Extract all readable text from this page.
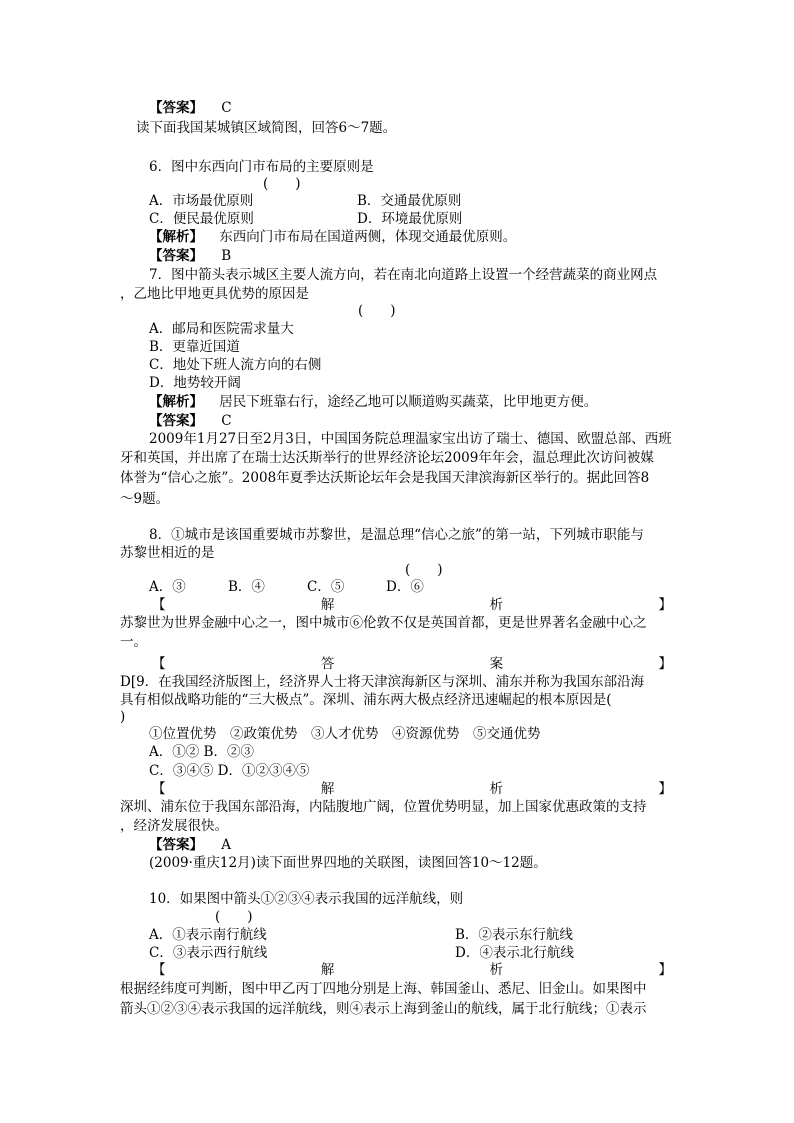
【答案】 C
读下面我国某城镇区域简图，回答6～7题。
6．图中东西向门市布局的主要原则是
(　　)
A．市场最优原则	B．交通最优原则
C．便民最优原则	D．环境最优原则
【解析】 东西向门市布局在国道两侧，体现交通最优原则。
【答案】 B
7．图中箭头表示城区主要人流方向，若在南北向道路上设置一个经营蔬菜的商业网点
，乙地比甲地更具优势的原因是
(　　)
A．邮局和医院需求量大
B．更靠近国道
C．地处下班人流方向的右侧
D．地势较开阔
【解析】 居民下班靠右行，途经乙地可以顺道购买蔬菜，比甲地更方便。
【答案】 C
2009年1月27日至2月3日，中国国务院总理温家宝出访了瑞士、德国、欧盟总部、西班
牙和英国，并出席了在瑞士达沃斯举行的世界经济论坛2009年年会，温总理此次访问被媒
体誉为“信心之旅”。2008年夏季达沃斯论坛年会是我国天津滨海新区举行的。据此回答8
～9题。
8．①城市是该国重要城市苏黎世，是温总理“信心之旅”的第一站，下列城市职能与
苏黎世相近的是
(　　)
A．③	B．④	C．⑤	D．⑥
【	解	析	】
苏黎世为世界金融中心之一，图中城市⑥伦敦不仅是英国首都，更是世界著名金融中心之
一。
【	答	案	】
D[9．在我国经济版图上，经济界人士将天津滨海新区与深圳、浦东并称为我国东部沿海
具有相似战略功能的“三大极点”。深圳、浦东两大极点经济迅速崛起的根本原因是(
)
①位置优势　②政策优势　③人才优势　④资源优势　⑤交通优势
A．①② B．②③
C．③④⑤ D．①②③④⑤
【	解	析	】
深圳、浦东位于我国东部沿海，内陆腹地广阔，位置优势明显，加上国家优惠政策的支持
，经济发展很快。
【答案】 A
(2009·重庆12月)读下面世界四地的关联图，读图回答10～12题。
10．如果图中箭头①②③④表示我国的远洋航线，则
(　　)
A．①表示南行航线	B．②表示东行航线
C．③表示西行航线	D．④表示北行航线
【	解	析	】
根据经纬度可判断，图中甲乙丙丁四地分别是上海、韩国釜山、悉尼、旧金山。如果图中
箭头①②③④表示我国的远洋航线，则④表示上海到釜山的航线，属于北行航线；①表示
